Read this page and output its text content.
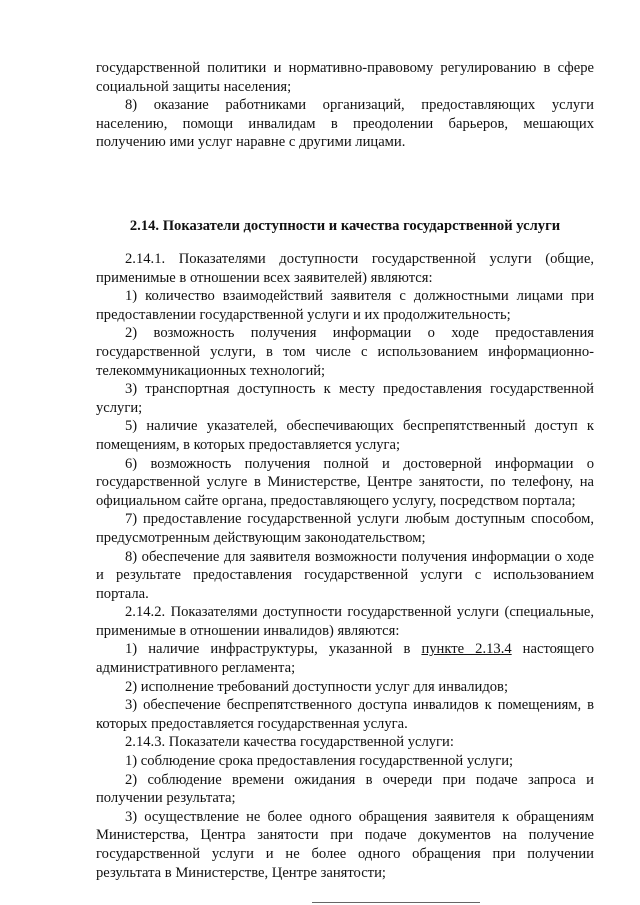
государственной политики и нормативно-правовому регулированию в сфере социальной защиты населения;

8) оказание работниками организаций, предоставляющих услуги населению, помощи инвалидам в преодолении барьеров, мешающих получению ими услуг наравне с другими лицами.

2.14. Показатели доступности и качества государственной услуги

2.14.1. Показателями доступности государственной услуги (общие, применимые в отношении всех заявителей) являются:

1) количество взаимодействий заявителя с должностными лицами при предоставлении государственной услуги и их продолжительность;

2) возможность получения информации о ходе предоставления государственной услуги, в том числе с использованием информационно-телекоммуникационных технологий;

3) транспортная доступность к месту предоставления государственной услуги;

5) наличие указателей, обеспечивающих беспрепятственный доступ к помещениям, в которых предоставляется услуга;

6) возможность получения полной и достоверной информации о государственной услуге в Министерстве, Центре занятости, по телефону, на официальном сайте органа, предоставляющего услугу, посредством портала;

7) предоставление государственной услуги любым доступным способом, предусмотренным действующим законодательством;

8) обеспечение для заявителя возможности получения информации о ходе и результате предоставления государственной услуги с использованием портала.

2.14.2. Показателями доступности государственной услуги (специальные, применимые в отношении инвалидов) являются:

1) наличие инфраструктуры, указанной в пункте 2.13.4 настоящего административного регламента;

2) исполнение требований доступности услуг для инвалидов;

3) обеспечение беспрепятственного доступа инвалидов к помещениям, в которых предоставляется государственная услуга.

2.14.3. Показатели качества государственной услуги:

1) соблюдение срока предоставления государственной услуги;

2) соблюдение времени ожидания в очереди при подаче запроса и получении результата;

3) осуществление не более одного обращения заявителя к обращениям Министерства, Центра занятости при подаче документов на получение государственной услуги и не более одного обращения при получении результата в Министерстве, Центре занятости;
